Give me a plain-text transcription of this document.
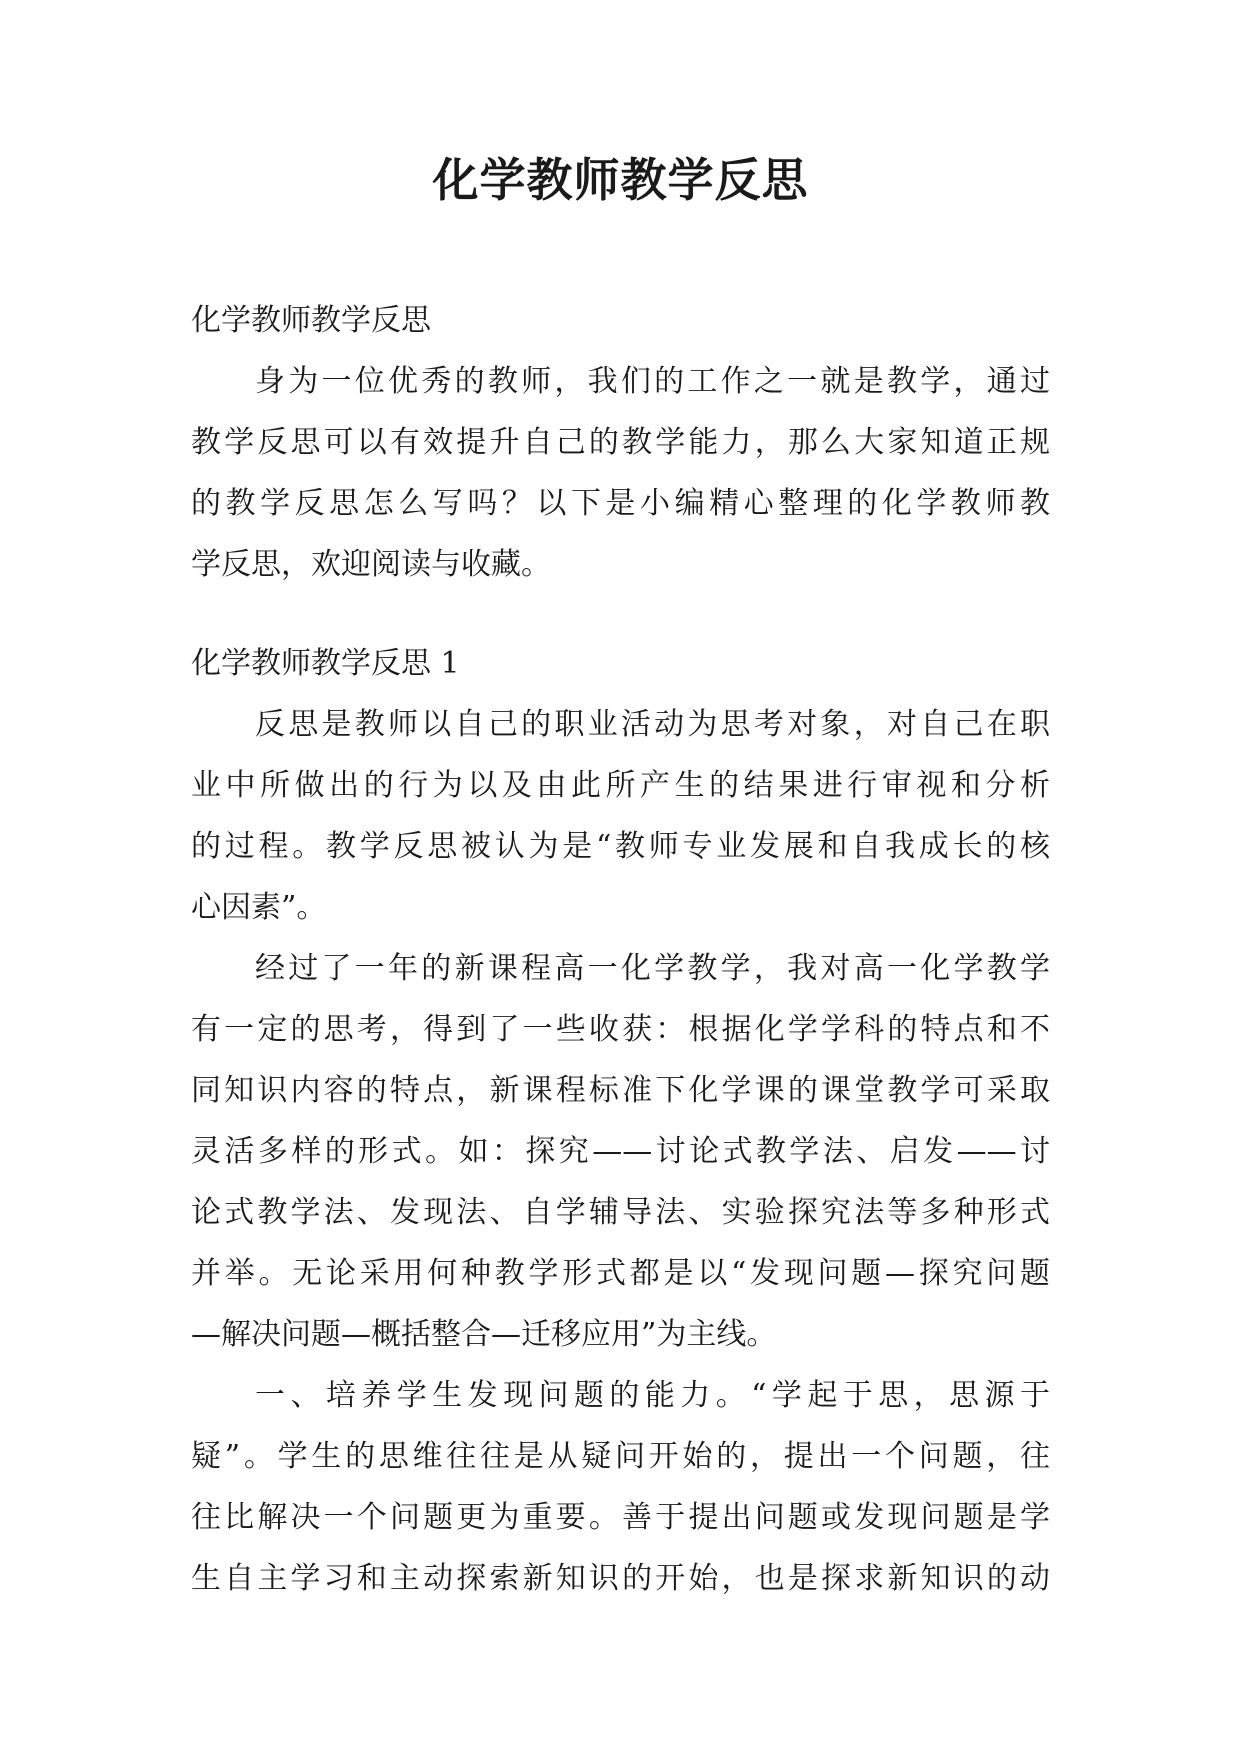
化学教师教学反思
化学教师教学反思
身为一位优秀的教师，我们的工作之一就是教学，通过
教学反思可以有效提升自己的教学能力，那么大家知道正规
的教学反思怎么写吗？以下是小编精心整理的化学教师教
学反思，欢迎阅读与收藏。
化学教师教学反思 1
反思是教师以自己的职业活动为思考对象，对自己在职
业中所做出的行为以及由此所产生的结果进行审视和分析
的过程。教学反思被认为是“教师专业发展和自我成长的核
心因素”。
经过了一年的新课程高一化学教学，我对高一化学教学
有一定的思考，得到了一些收获：根据化学学科的特点和不
同知识内容的特点，新课程标准下化学课的课堂教学可采取
灵活多样的形式。如：探究——讨论式教学法、启发——讨
论式教学法、发现法、自学辅导法、实验探究法等多种形式
并举。无论采用何种教学形式都是以“发现问题—探究问题
—解决问题—概括整合—迁移应用”为主线。
一、培养学生发现问题的能力。“学起于思，思源于
疑”。学生的思维往往是从疑问开始的，提出一个问题，往
往比解决一个问题更为重要。善于提出问题或发现问题是学
生自主学习和主动探索新知识的开始，也是探求新知识的动
